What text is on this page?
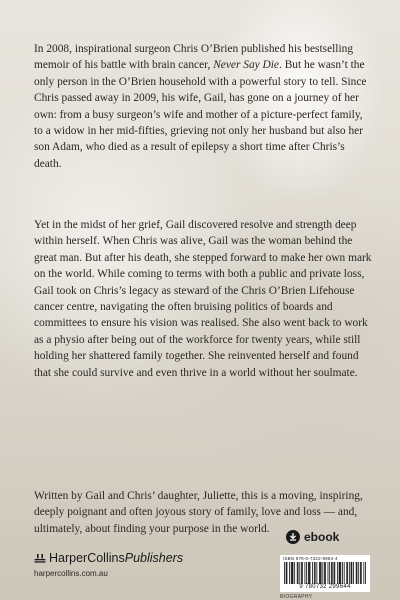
In 2008, inspirational surgeon Chris O’Brien published his bestselling memoir of his battle with brain cancer, Never Say Die. But he wasn’t the only person in the O’Brien household with a powerful story to tell. Since Chris passed away in 2009, his wife, Gail, has gone on a journey of her own: from a busy surgeon’s wife and mother of a picture-perfect family, to a widow in her mid-fifties, grieving not only her husband but also her son Adam, who died as a result of epilepsy a short time after Chris’s death.

Yet in the midst of her grief, Gail discovered resolve and strength deep within herself. When Chris was alive, Gail was the woman behind the great man. But after his death, she stepped forward to make her own mark on the world. While coming to terms with both a public and private loss, Gail took on Chris’s legacy as steward of the Chris O’Brien Lifehouse cancer centre, navigating the often bruising politics of boards and committees to ensure his vision was realised. She also went back to work as a physio after being out of the workforce for twenty years, while still holding her shattered family together. She reinvented herself and found that she could survive and even thrive in a world without her soulmate.

Written by Gail and Chris’ daughter, Juliette, this is a moving, inspiring, deeply poignant and often joyous story of family, love and loss — and, ultimately, about finding your purpose in the world.

ebook
ISBN 978-0-7322-9964-4
9 780732 299644
BIOGRAPHY
HarperCollinsPublishers
harpercollins.com.au
